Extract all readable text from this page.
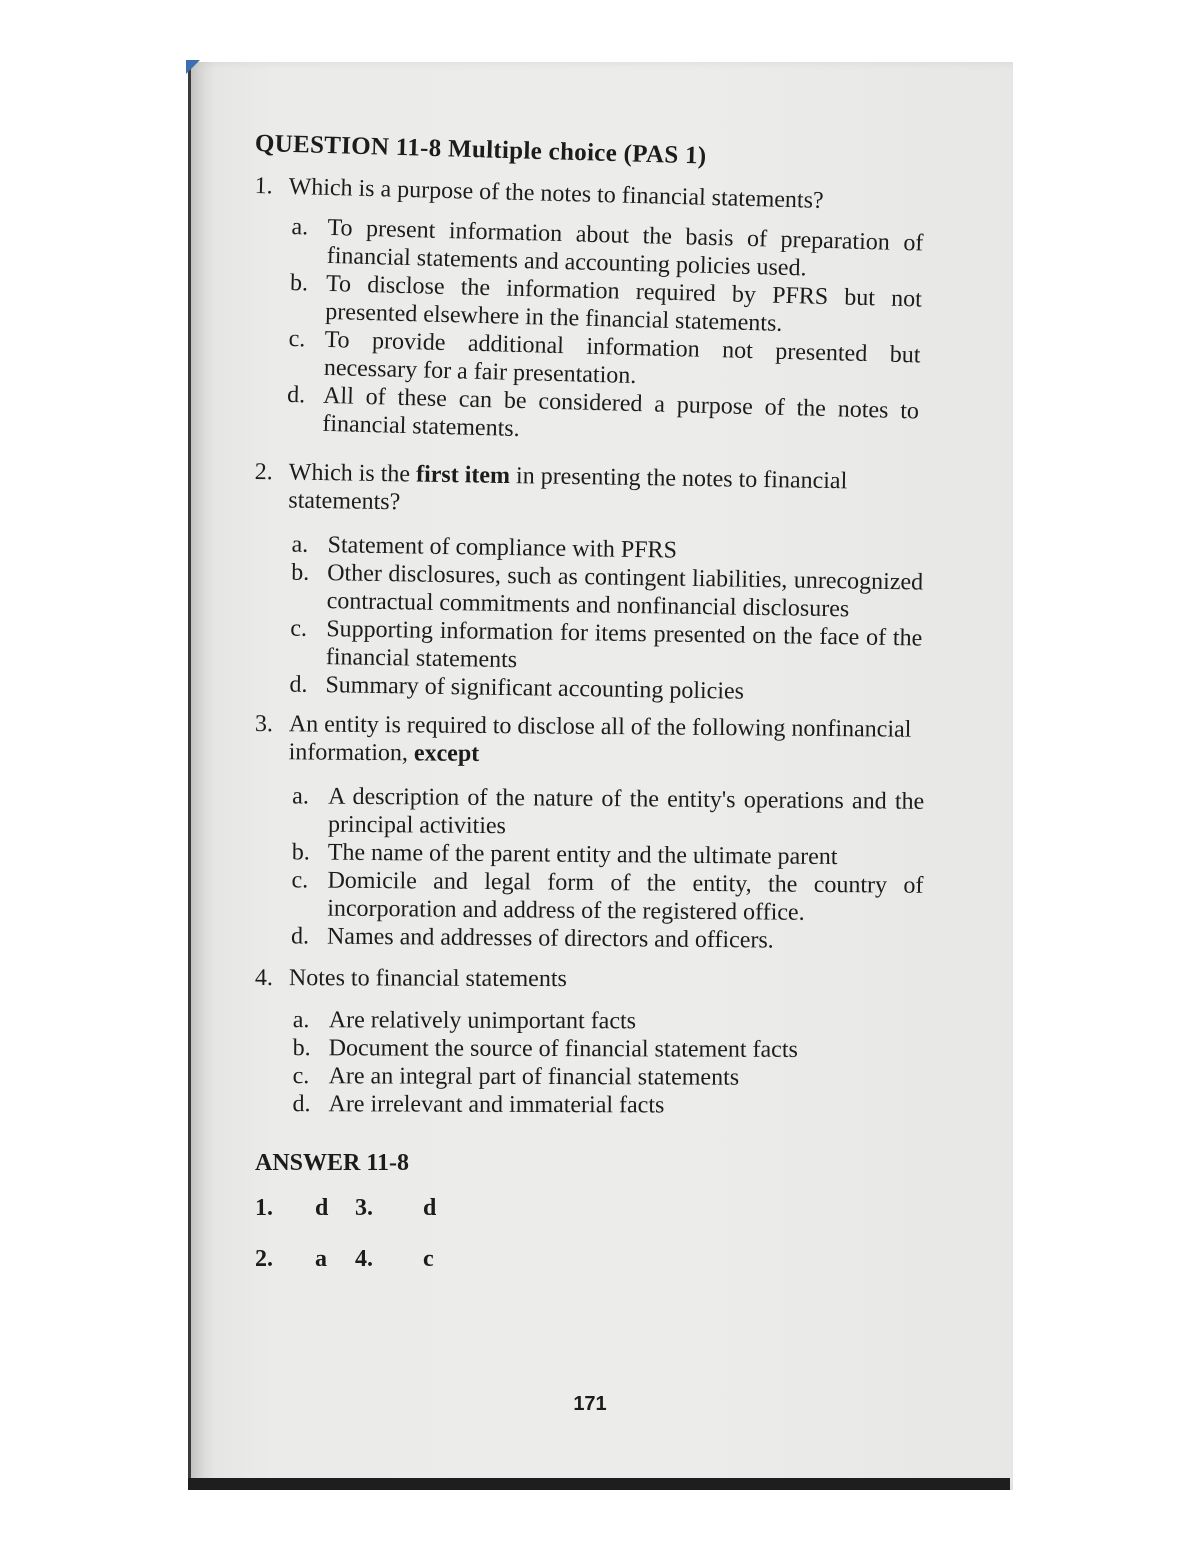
QUESTION 11-8 Multiple choice (PAS 1)
1. Which is a purpose of the notes to financial statements?
a. To present information about the basis of preparation of financial statements and accounting policies used.
b. To disclose the information required by PFRS but not presented elsewhere in the financial statements.
c. To provide additional information not presented but necessary for a fair presentation.
d. All of these can be considered a purpose of the notes to financial statements.
2. Which is the first item in presenting the notes to financial statements?
a. Statement of compliance with PFRS
b. Other disclosures, such as contingent liabilities, unrecognized contractual commitments and nonfinancial disclosures
c. Supporting information for items presented on the face of the financial statements
d. Summary of significant accounting policies
3. An entity is required to disclose all of the following nonfinancial information, except
a. A description of the nature of the entity's operations and the principal activities
b. The name of the parent entity and the ultimate parent
c. Domicile and legal form of the entity, the country of incorporation and address of the registered office.
d. Names and addresses of directors and officers.
4. Notes to financial statements
a. Are relatively unimportant facts
b. Document the source of financial statement facts
c. Are an integral part of financial statements
d. Are irrelevant and immaterial facts
ANSWER 11-8
1.	d	3.	d
2.	a	4.	c
171
